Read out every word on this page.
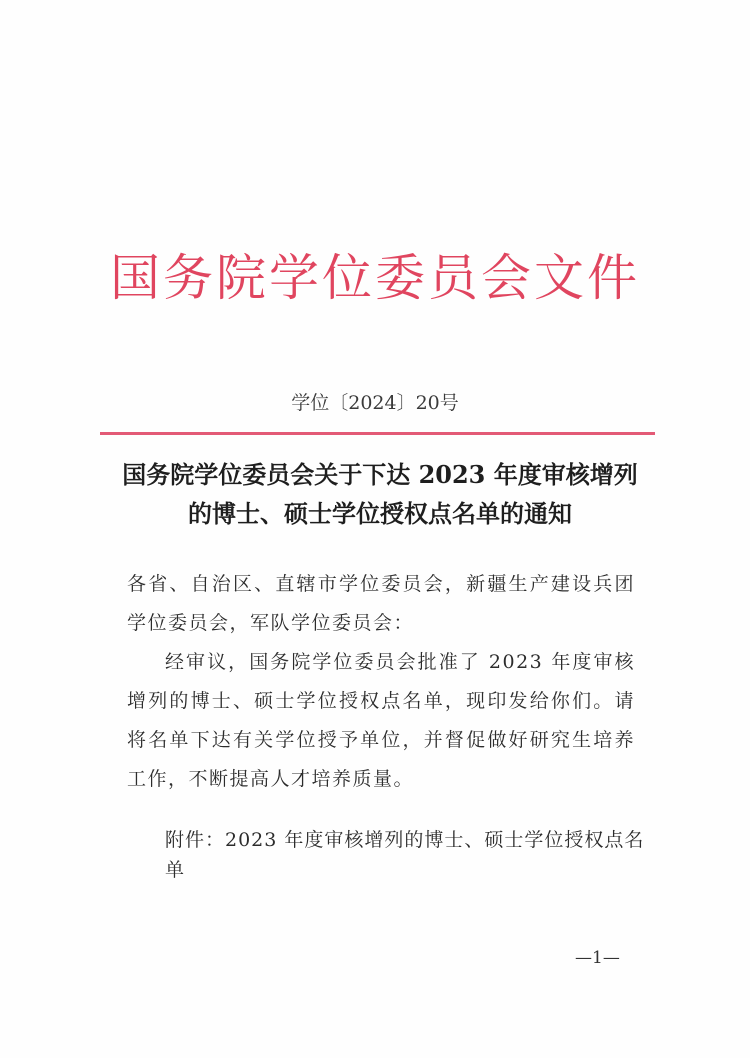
国务院学位委员会文件
学位〔2024〕20号
国务院学位委员会关于下达 2023 年度审核增列
的博士、硕士学位授权点名单的通知
各省、自治区、直辖市学位委员会，新疆生产建设兵团学位委员会，军队学位委员会：
经审议，国务院学位委员会批准了 2023 年度审核增列的博士、硕士学位授权点名单，现印发给你们。请将名单下达有关学位授予单位，并督促做好研究生培养工作，不断提高人才培养质量。
附件：2023 年度审核增列的博士、硕士学位授权点名单
—1—
